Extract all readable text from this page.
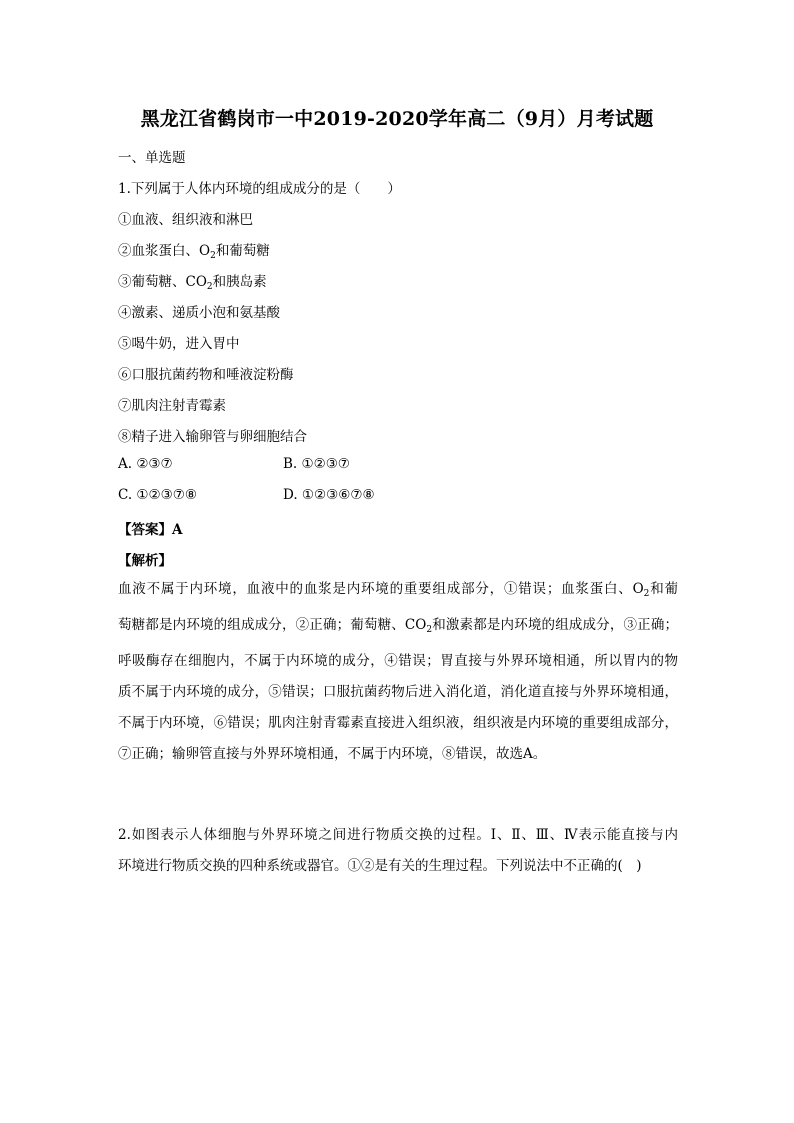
黑龙江省鹤岗市一中2019-2020学年高二（9月）月考试题
一、单选题
1.下列属于人体内环境的组成成分的是（　　）
①血液、组织液和淋巴
②血浆蛋白、$O_2$和葡萄糖
③葡萄糖、$CO_2$和胰岛素
④激素、递质小泡和氨基酸
⑤喝牛奶，进入胃中
⑥口服抗菌药物和唾液淀粉酶
⑦肌肉注射青霉素
⑧精子进入输卵管与卵细胞结合
A. ②③⑦	B. ①②③⑦
C. ①②③⑦⑧	D. ①②③⑥⑦⑧
【答案】A
【解析】
血液不属于内环境，血液中的血浆是内环境的重要组成部分，①错误；血浆蛋白、$O_2$和葡
萄糖都是内环境的组成成分，②正确；葡萄糖、$CO_2$和激素都是内环境的组成成分，③正确；
呼吸酶存在细胞内，不属于内环境的成分，④错误；胃直接与外界环境相通，所以胃内的物
质不属于内环境的成分，⑤错误；口服抗菌药物后进入消化道，消化道直接与外界环境相通，
不属于内环境，⑥错误；肌肉注射青霉素直接进入组织液，组织液是内环境的重要组成部分，
⑦正确；输卵管直接与外界环境相通，不属于内环境，⑧错误，故选A。
2.如图表示人体细胞与外界环境之间进行物质交换的过程。Ⅰ、Ⅱ、Ⅲ、Ⅳ表示能直接与内
环境进行物质交换的四种系统或器官。①②是有关的生理过程。下列说法中不正确的(　)
